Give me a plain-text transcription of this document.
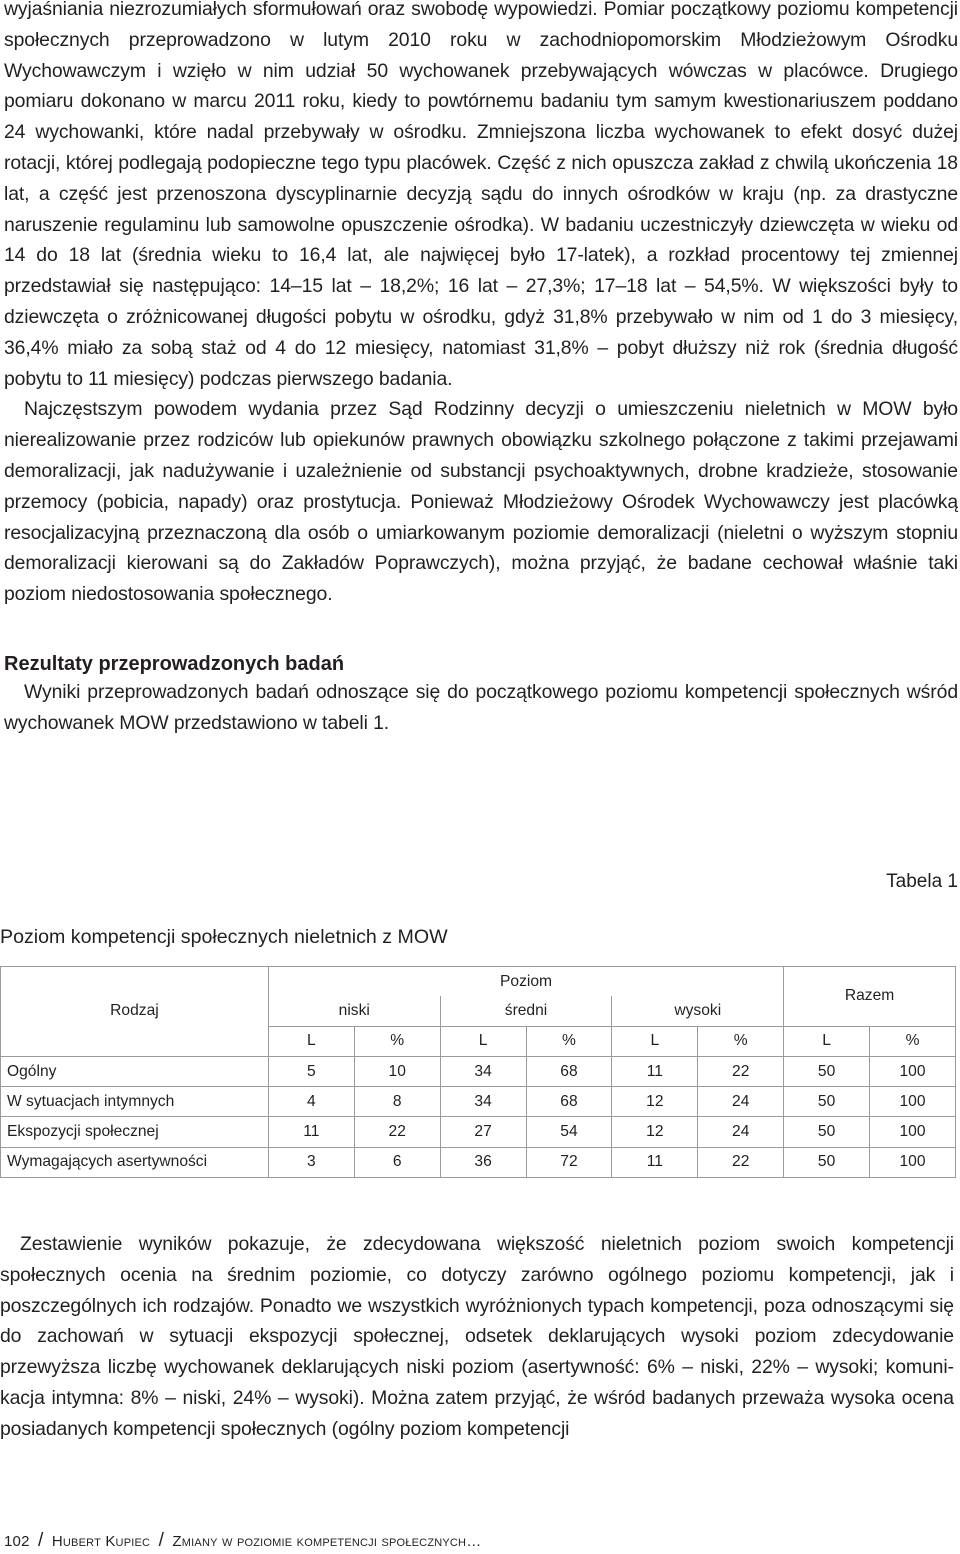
wyjaśniania niezrozumiałych sformułowań oraz swobodę wypowiedzi. Pomiar początkowy poziomu kompetencji społecznych przeprowadzono w lutym 2010 roku w zachodniopomorskim Młodzieżowym Ośrodku Wychowawczym i wzięło w nim udział 50 wychowanek przebywających wówczas w placówce. Drugiego pomiaru dokonano w marcu 2011 roku, kiedy to powtórnemu badaniu tym samym kwestionariuszem poddano 24 wychowanki, które nadal przebywały w ośrodku. Zmniejszona liczba wychowanek to efekt dosyć dużej rotacji, której podlegają podopieczne tego typu placówek. Część z nich opuszcza zakład z chwilą ukończenia 18 lat, a część jest przenoszona dyscyplinarnie decyzją sądu do innych ośrodków w kraju (np. za drastyczne naruszenie regulaminu lub samowolne opuszczenie ośrodka). W badaniu uczestniczyły dziewczęta w wieku od 14 do 18 lat (średnia wieku to 16,4 lat, ale najwięcej było 17-latek), a rozkład procentowy tej zmiennej przedstawiał się następująco: 14–15 lat – 18,2%; 16 lat – 27,3%; 17–18 lat – 54,5%. W większości były to dziewczęta o zróżnicowanej długości pobytu w ośrodku, gdyż 31,8% przebywało w nim od 1 do 3 miesięcy, 36,4% miało za sobą staż od 4 do 12 miesięcy, natomiast 31,8% – pobyt dłuższy niż rok (średnia długość pobytu to 11 miesięcy) podczas pierwszego badania.

Najczęstszym powodem wydania przez Sąd Rodzinny decyzji o umieszczeniu nieletnich w MOW było nierealizowanie przez rodziców lub opiekunów prawnych obowiązku szkolnego połączone z takimi przejawami demoralizacji, jak nadużywanie i uzależnienie od substancji psychoaktywnych, drobne kradzieże, stosowanie przemocy (pobicia, napady) oraz prostytucja. Ponieważ Młodzieżowy Ośrodek Wychowawczy jest placówką resocjalizacyjną przeznaczoną dla osób o umiarkowanym poziomie demoralizacji (nieletni o wyższym stopniu demoralizacji kierowani są do Zakładów Poprawczych), można przyjąć, że badane cechował właśnie taki poziom niedostosowania społecznego.

Rezultaty przeprowadzonych badań

Wyniki przeprowadzonych badań odnoszące się do początkowego poziomu kompetencji społecznych wśród wychowanek MOW przedstawiono w tabeli 1.

Tabela 1
Poziom kompetencji społecznych nieletnich z MOW
Rodzaj	Poziom						Razem	
	niski		średni		wysoki			
	L	%	L	%	L	%	L	%
Ogólny	5	10	34	68	11	22	50	100
W sytuacjach intymnych	4	8	34	68	12	24	50	100
Ekspozycji społecznej	11	22	27	54	12	24	50	100
Wymagających asertywności	3	6	36	72	11	22	50	100

Zestawienie wyników pokazuje, że zdecydowana większość nieletnich poziom swoich kompetencji społecznych ocenia na średnim poziomie, co dotyczy zarówno ogólnego poziomu kompetencji, jak i poszczególnych ich rodzajów. Ponadto we wszystkich wyróżnionych typach kompetencji, poza odnoszącymi się do zachowań w sytuacji ekspozycji społecznej, odsetek deklarujących wysoki poziom zdecydowanie przewyższa liczbę wychowanek deklarujących niski poziom (asertywność: 6% – niski, 22% – wysoki; komunikacja intymna: 8% – niski, 24% – wysoki). Można zatem przyjąć, że wśród badanych przeważa wysoka ocena posiadanych kompetencji społecznych (ogólny poziom kompetencji

102 / Hubert Kupiec / Zmiany w poziomie kompetencji społecznych…
